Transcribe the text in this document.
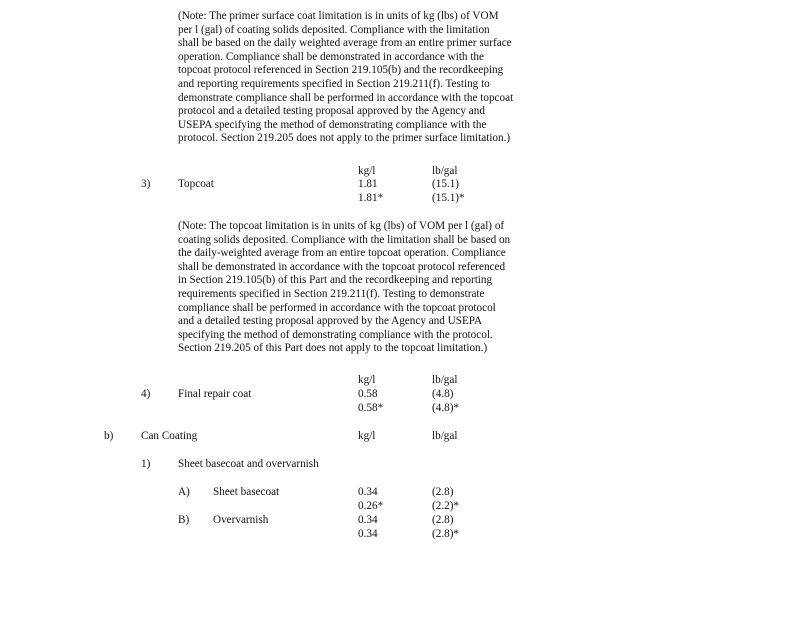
(Note: The primer surface coat limitation is in units of kg (lbs) of VOM
per l (gal) of coating solids deposited. Compliance with the limitation
shall be based on the daily weighted average from an entire primer surface
operation. Compliance shall be demonstrated in accordance with the
topcoat protocol referenced in Section 219.105(b) and the recordkeeping
and reporting requirements specified in Section 219.211(f). Testing to
demonstrate compliance shall be performed in accordance with the topcoat
protocol and a detailed testing proposal approved by the Agency and
USEPA specifying the method of demonstrating compliance with the
protocol. Section 219.205 does not apply to the primer surface limitation.)
kg/l	lb/gal
3) Topcoat	1.81	(15.1)
1.81*	(15.1)*
(Note: The topcoat limitation is in units of kg (lbs) of VOM per l (gal) of
coating solids deposited. Compliance with the limitation shall be based on
the daily-weighted average from an entire topcoat operation. Compliance
shall be demonstrated in accordance with the topcoat protocol referenced
in Section 219.105(b) of this Part and the recordkeeping and reporting
requirements specified in Section 219.211(f). Testing to demonstrate
compliance shall be performed in accordance with the topcoat protocol
and a detailed testing proposal approved by the Agency and USEPA
specifying the method of demonstrating compliance with the protocol.
Section 219.205 of this Part does not apply to the topcoat limitation.)
kg/l	lb/gal
4) Final repair coat	0.58	(4.8)
0.58*	(4.8)*
b) Can Coating	kg/l	lb/gal
1) Sheet basecoat and overvarnish
A) Sheet basecoat	0.34	(2.8)
0.26*	(2.2)*
B) Overvarnish	0.34	(2.8)
0.34	(2.8)*
